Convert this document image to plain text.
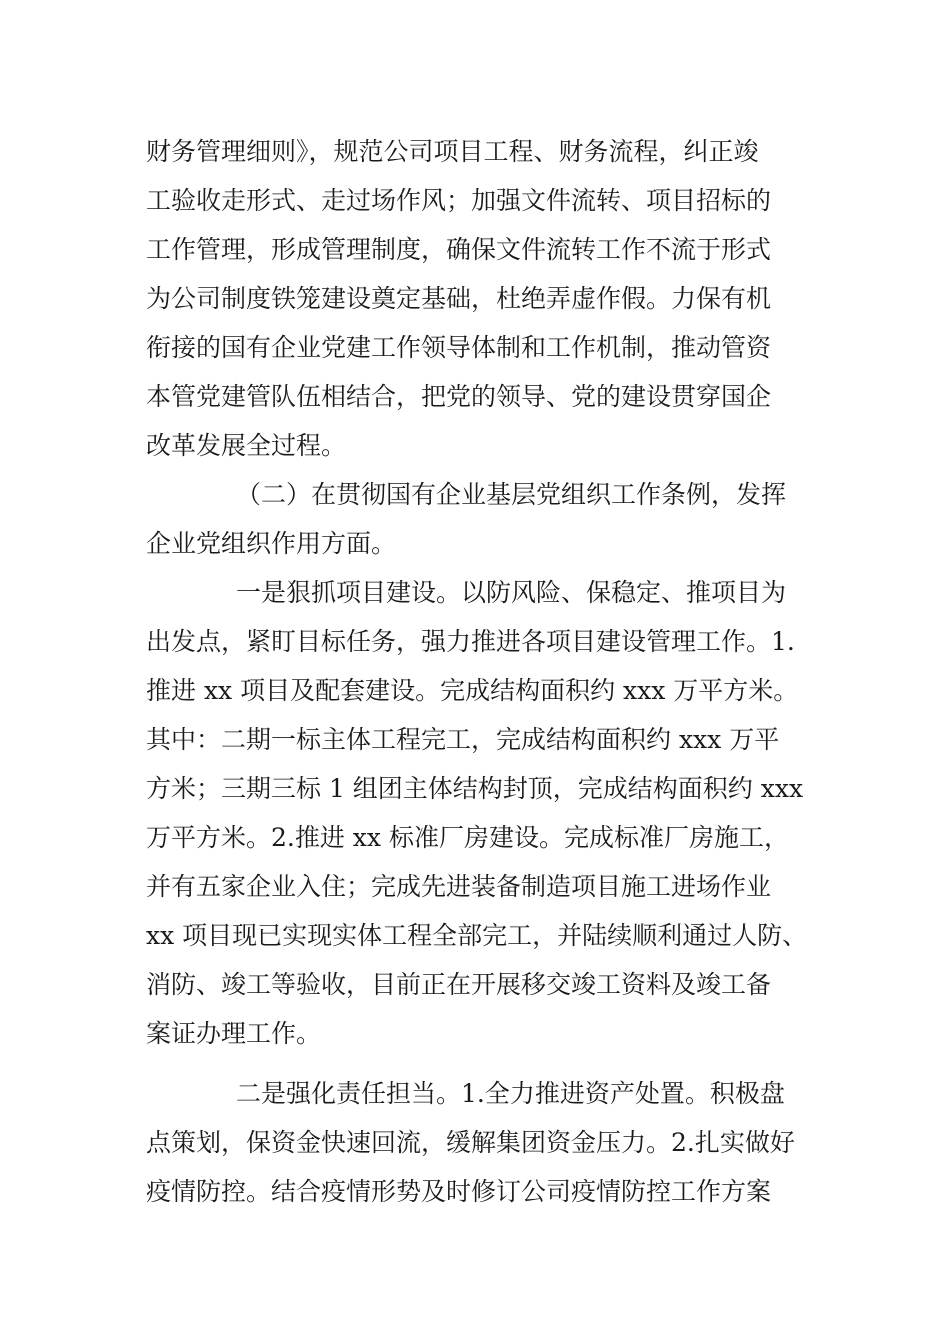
财务管理细则》，规范公司项目工程、财务流程，纠正竣

工验收走形式、走过场作风；加强文件流转、项目招标的

工作管理，形成管理制度，确保文件流转工作不流于形式

为公司制度铁笼建设奠定基础，杜绝弄虚作假。力保有机

衔接的国有企业党建工作领导体制和工作机制，推动管资

本管党建管队伍相结合，把党的领导、党的建设贯穿国企

改革发展全过程。

（二）在贯彻国有企业基层党组织工作条例，发挥

企业党组织作用方面。

一是狠抓项目建设。以防风险、保稳定、推项目为

出发点，紧盯目标任务，强力推进各项目建设管理工作。1.

推进 xx 项目及配套建设。完成结构面积约 xxx 万平方米。

其中：二期一标主体工程完工，完成结构面积约 xxx 万平

方米；三期三标 1 组团主体结构封顶，完成结构面积约 xxx

万平方米。2.推进 xx 标准厂房建设。完成标准厂房施工，

并有五家企业入住；完成先进装备制造项目施工进场作业

xx 项目现已实现实体工程全部完工，并陆续顺利通过人防、

消防、竣工等验收，目前正在开展移交竣工资料及竣工备

案证办理工作。

二是强化责任担当。1.全力推进资产处置。积极盘

点策划，保资金快速回流，缓解集团资金压力。2.扎实做好

疫情防控。结合疫情形势及时修订公司疫情防控工作方案
